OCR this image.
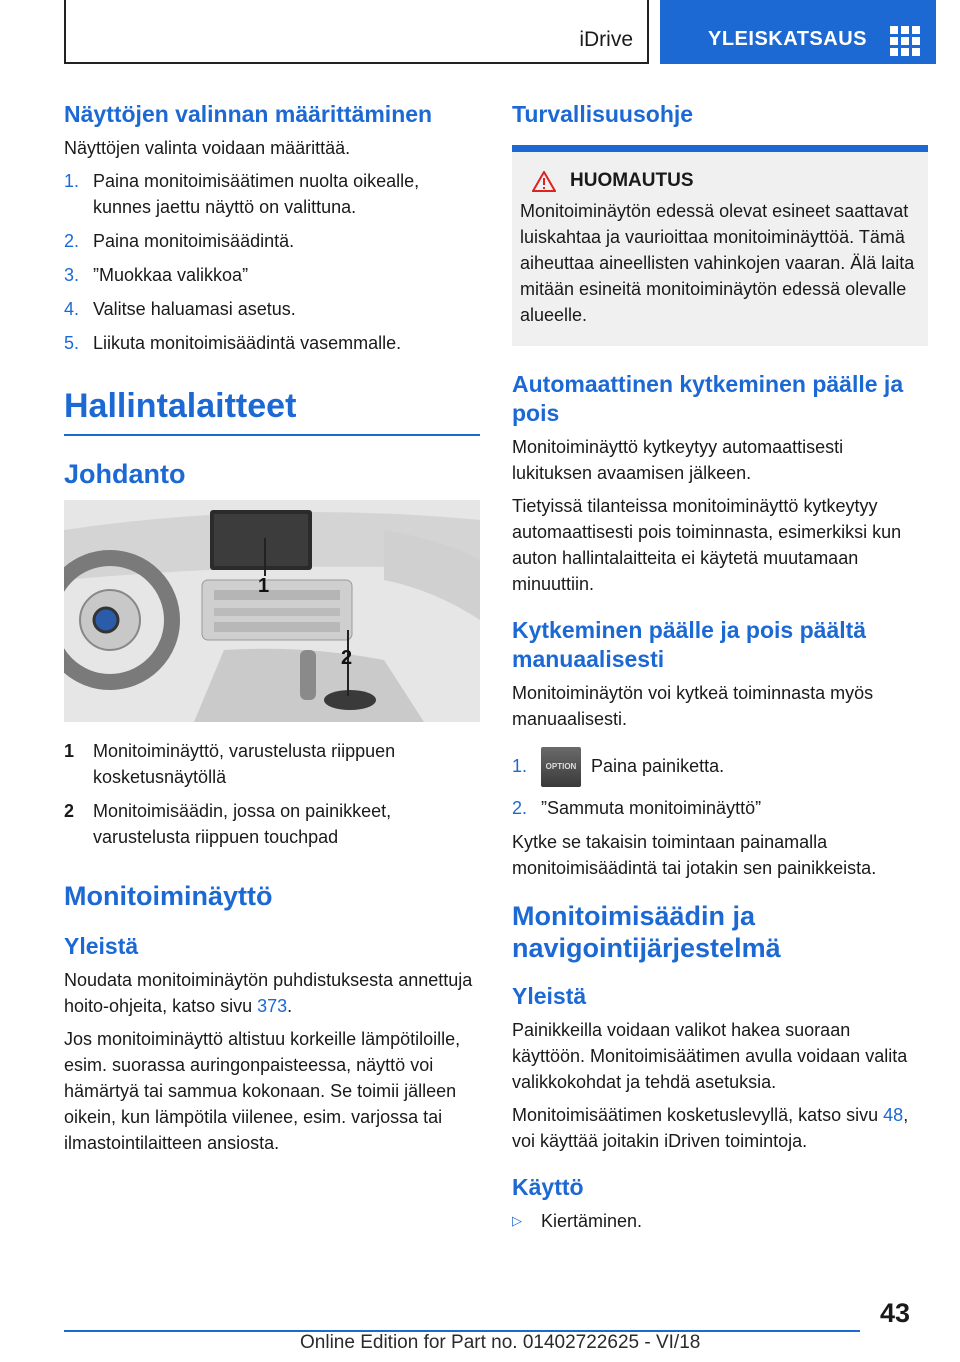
iDrive	YLEISKATSAUS
Näyttöjen valinnan määrittäminen

Näyttöjen valinta voidaan määrittää.

1. Paina monitoimisäätimen nuolta oikealle, kunnes jaettu näyttö on valittuna.
2. Paina monitoimisäädintä.
3. ”Muokkaa valikkoa”
4. Valitse haluamasi asetus.
5. Liikuta monitoimisäädintä vasemmalle.
Hallintalaitteet
Johdanto
1
2
1 Monitoiminäyttö, varustelusta riippuen kosketusnäytöllä
2 Monitoimisäädin, jossa on painikkeet, varustelusta riippuen touchpad
Monitoiminäyttö
Yleistä

Noudata monitoiminäytön puhdistuksesta annettuja hoito-ohjeita, katso sivu 373.

Jos monitoiminäyttö altistuu korkeille lämpötiloille, esim. suorassa auringonpaisteessa, näyttö voi hämärtyä tai sammua kokonaan. Se toimii jälleen oikein, kun lämpötila viilenee, esim. varjossa tai ilmastointilaitteen ansiosta.

Turvallisuusohje
HUOMAUTUS

Monitoiminäytön edessä olevat esineet saattavat luiskahtaa ja vaurioittaa monitoiminäyttöä. Tämä aiheuttaa aineellisten vahinkojen vaaran. Älä laita mitään esineitä monitoiminäytön edessä olevalle alueelle.

Automaattinen kytkeminen päälle ja pois

Monitoiminäyttö kytkeytyy automaattisesti lukituksen avaamisen jälkeen.

Tietyissä tilanteissa monitoiminäyttö kytkeytyy automaattisesti pois toiminnasta, esimerkiksi kun auton hallintalaitteita ei käytetä muutamaan minuuttiin.

Kytkeminen päälle ja pois päältä manuaalisesti

Monitoiminäytön voi kytkeä toiminnasta myös manuaalisesti.

1. OPTION Paina painiketta.
2. ”Sammuta monitoiminäyttö”

Kytke se takaisin toimintaan painamalla monitoimisäädintä tai jotakin sen painikkeista.

Monitoimisäädin ja navigointijärjestelmä
Yleistä

Painikkeilla voidaan valikot hakea suoraan käyttöön. Monitoimisäätimen avulla voidaan valita valikkokohdat ja tehdä asetuksia.

Monitoimisäätimen kosketuslevyllä, katso sivu 48, voi käyttää joitakin iDriven toimintoja.

Käyttö
▷ Kiertäminen.
43
Online Edition for Part no. 01402722625 - VI/18
